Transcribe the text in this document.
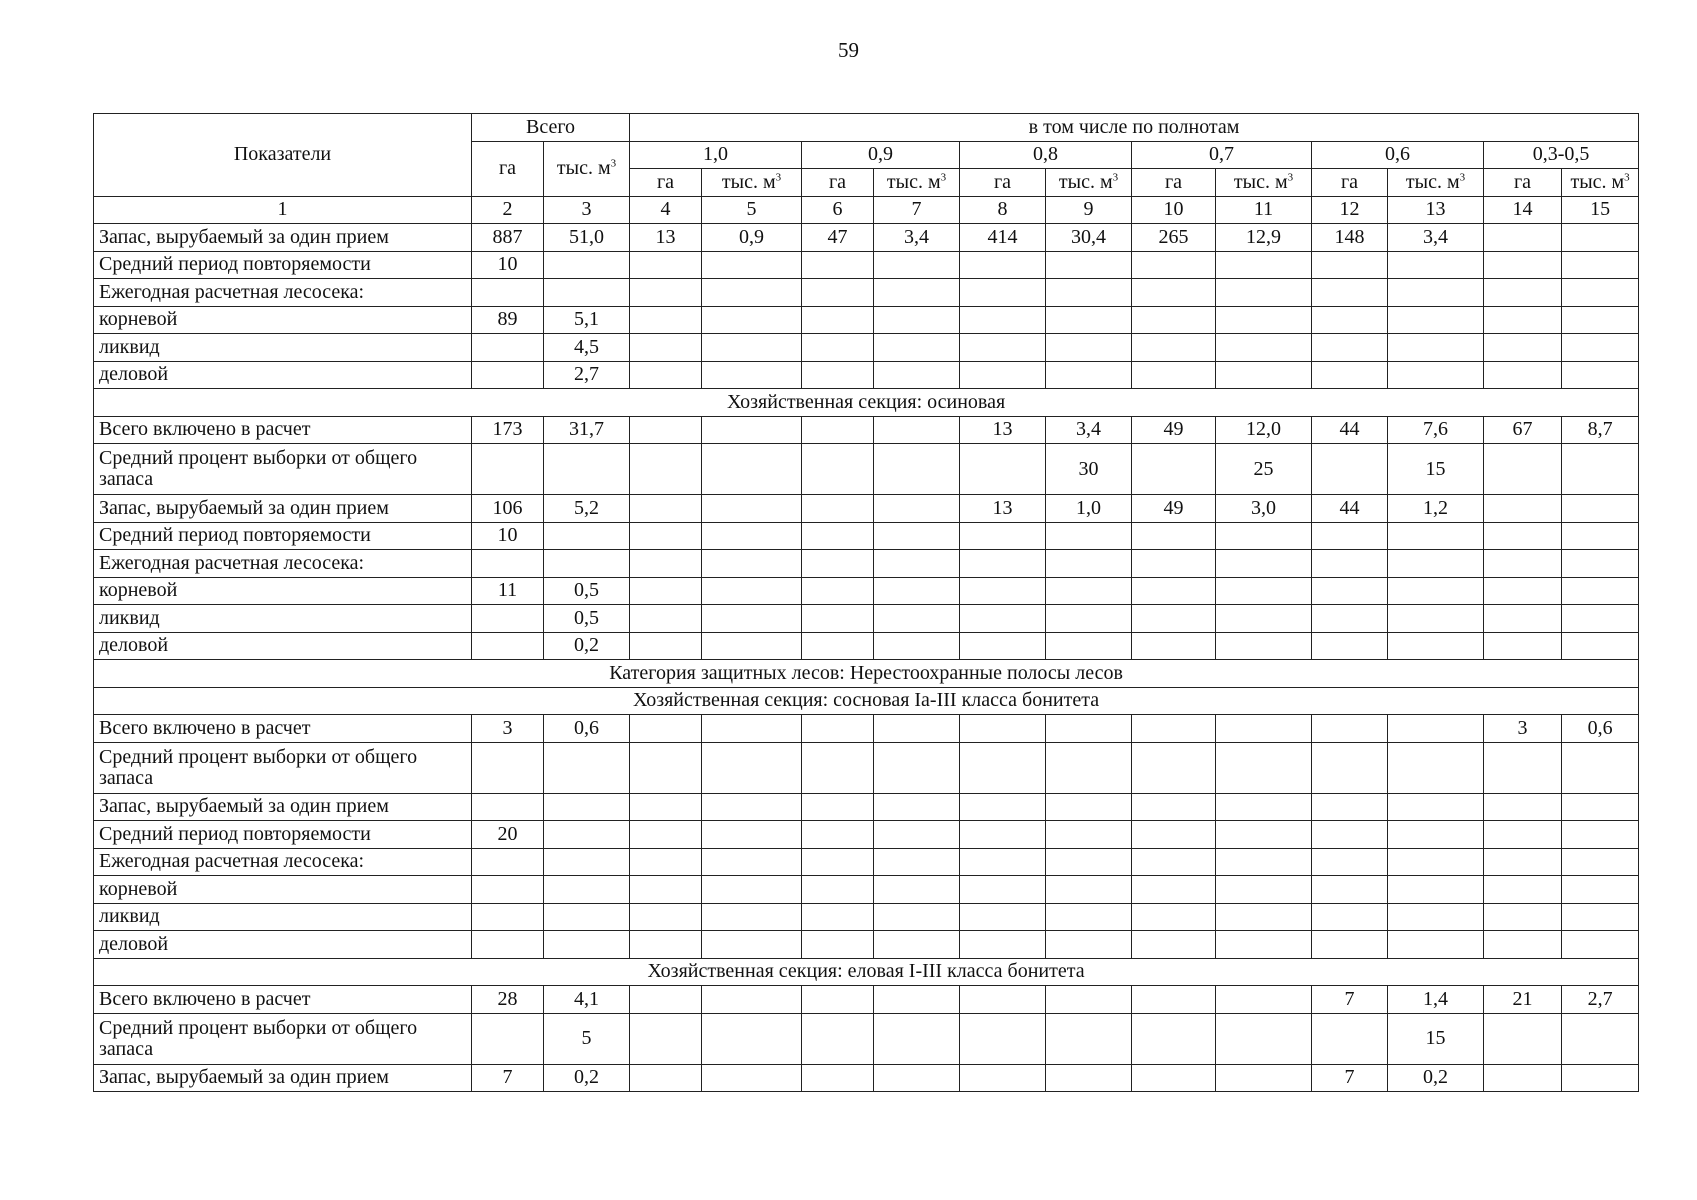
59
Показатели	Всего		в том числе по полнотам											
	га	тыс. $м^3$	1,0		0,9		0,8		0,7		0,6		0,3-0,5	
			га	тыс. $м^3$	га	тыс. $м^3$	га	тыс. $м^3$	га	тыс. $м^3$	га	тыс. $м^3$	га	тыс. $м^3$
1	2	3	4	5	6	7	8	9	10	11	12	13	14	15
Запас, вырубаемый за один прием	887	51,0	13	0,9	47	3,4	414	30,4	265	12,9	148	3,4		
Средний период повторяемости	10													
Ежегодная расчетная лесосека:														
корневой	89	5,1												
ликвид		4,5												
деловой		2,7												
Хозяйственная секция: осиновая														
Всего включено в расчет	173	31,7					13	3,4	49	12,0	44	7,6	67	8,7
Средний процент выборки от общего запаса								30		25		15		
Запас, вырубаемый за один прием	106	5,2					13	1,0	49	3,0	44	1,2		
Средний период повторяемости	10													
Ежегодная расчетная лесосека:														
корневой	11	0,5												
ликвид		0,5												
деловой		0,2												
Категория защитных лесов: Нерестоохранные полосы лесов														
Хозяйственная секция: сосновая Ia-III класса бонитета														
Всего включено в расчет	3	0,6											3	0,6
Средний процент выборки от общего запаса														
Запас, вырубаемый за один прием														
Средний период повторяемости	20													
Ежегодная расчетная лесосека:														
корневой														
ликвид														
деловой														
Хозяйственная секция: еловая I-III класса бонитета														
Всего включено в расчет	28	4,1									7	1,4	21	2,7
Средний процент выборки от общего запаса		5										15		
Запас, вырубаемый за один прием	7	0,2									7	0,2		
